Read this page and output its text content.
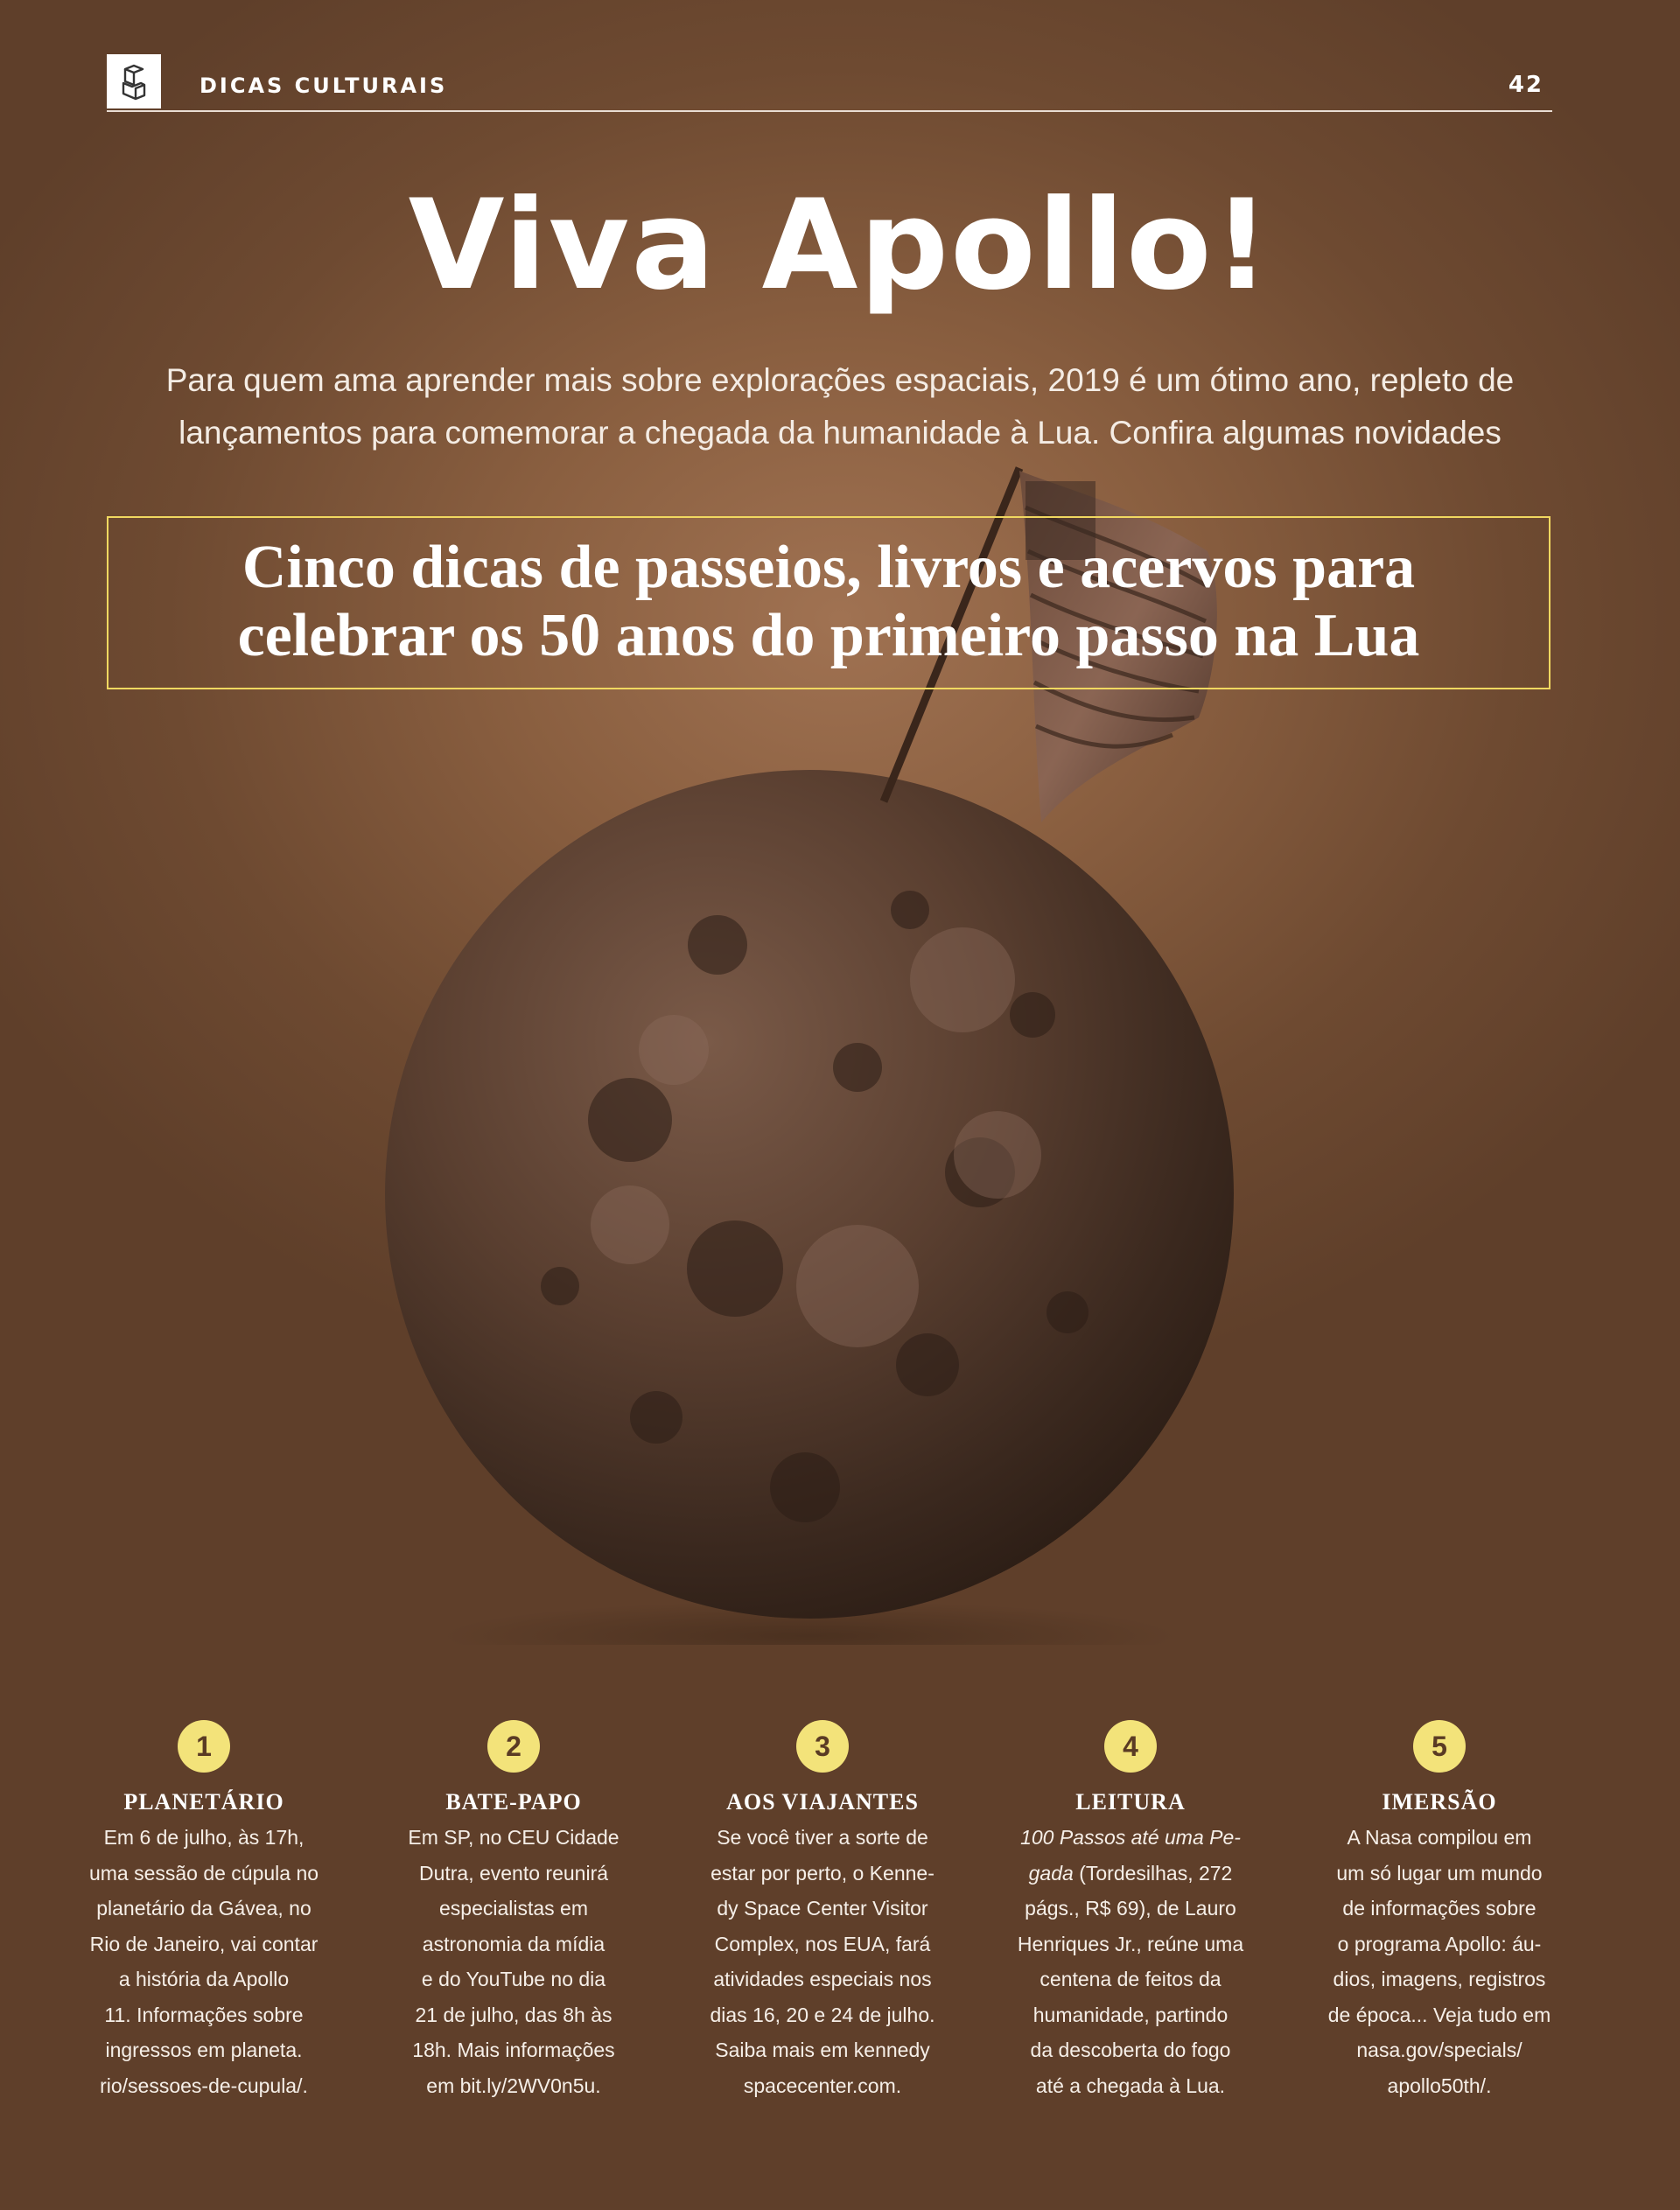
DICAS CULTURAIS	42
Viva Apollo!
Para quem ama aprender mais sobre explorações espaciais, 2019 é um ótimo ano, repleto de lançamentos para comemorar a chegada da humanidade à Lua. Confira algumas novidades
Cinco dicas de passeios, livros e acervos para
celebrar os 50 anos do primeiro passo na Lua
1
PLANETÁRIO
Em 6 de julho, às 17h,
uma sessão de cúpula no
planetário da Gávea, no
Rio de Janeiro, vai contar
a história da Apollo
11. Informações sobre
ingressos em planeta.
rio/sessoes-de-cupula/.
2
BATE-PAPO
Em SP, no CEU Cidade
Dutra, evento reunirá
especialistas em
astronomia da mídia
e do YouTube no dia
21 de julho, das 8h às
18h. Mais informações
em bit.ly/2WV0n5u.
3
AOS VIAJANTES
Se você tiver a sorte de
estar por perto, o Kenne-
dy Space Center Visitor
Complex, nos EUA, fará
atividades especiais nos
dias 16, 20 e 24 de julho.
Saiba mais em kennedy
spacecenter.com.
4
LEITURA
100 Passos até uma Pe-
gada (Tordesilhas, 272
págs., R$ 69), de Lauro
Henriques Jr., reúne uma
centena de feitos da
humanidade, partindo
da descoberta do fogo
até a chegada à Lua.
5
IMERSÃO
A Nasa compilou em
um só lugar um mundo
de informações sobre
o programa Apollo: áu-
dios, imagens, registros
de época... Veja tudo em
nasa.gov/specials/
apollo50th/.
